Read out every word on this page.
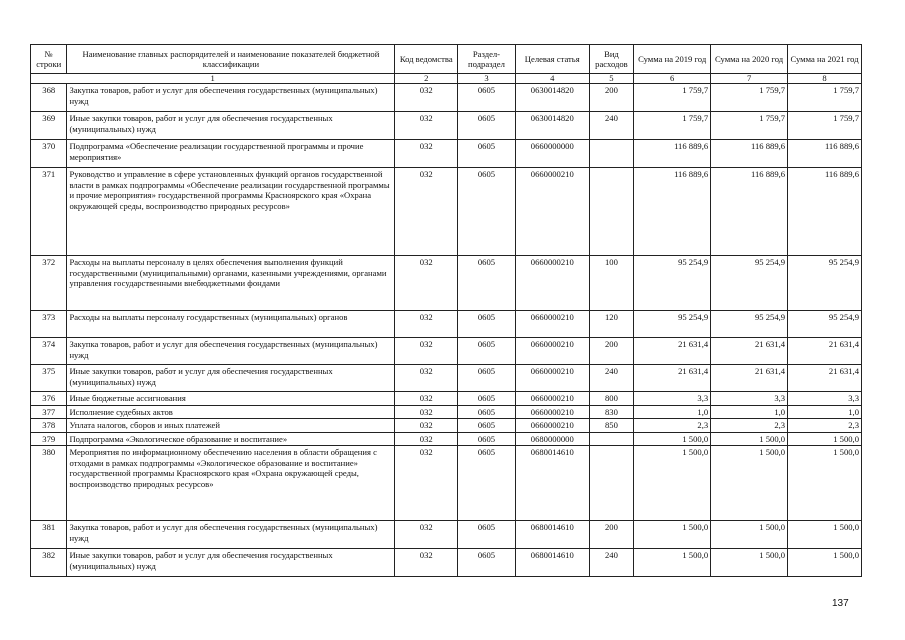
№ строки	Наименование главных распорядителей и наименование показателей бюджетной классификации	Код ведомства	Раздел-подраздел	Целевая статья	Вид расходов	Сумма на 2019 год	Сумма на 2020 год	Сумма на 2021 год
1		2	3	4	5	6	7	8
368	Закупка товаров, работ и услуг для обеспечения государственных (муниципальных) нужд	032	0605	0630014820	200	1 759,7	1 759,7	1 759,7
369	Иные закупки товаров, работ и услуг для обеспечения государственных (муниципальных) нужд	032	0605	0630014820	240	1 759,7	1 759,7	1 759,7
370	Подпрограмма «Обеспечение реализации государственной программы и прочие мероприятия»	032	0605	0660000000		116 889,6	116 889,6	116 889,6
371	Руководство и управление в сфере установленных функций органов государственной власти в рамках подпрограммы «Обеспечение реализации государственной программы и прочие мероприятия» государственной программы Красноярского края «Охрана окружающей среды, воспроизводство природных ресурсов»	032	0605	0660000210		116 889,6	116 889,6	116 889,6
372	Расходы на выплаты персоналу в целях обеспечения выполнения функций государственными (муниципальными) органами, казенными учреждениями, органами управления государственными внебюджетными фондами	032	0605	0660000210	100	95 254,9	95 254,9	95 254,9
373	Расходы на выплаты персоналу государственных (муниципальных) органов	032	0605	0660000210	120	95 254,9	95 254,9	95 254,9
374	Закупка товаров, работ и услуг для обеспечения государственных (муниципальных) нужд	032	0605	0660000210	200	21 631,4	21 631,4	21 631,4
375	Иные закупки товаров, работ и услуг для обеспечения государственных (муниципальных) нужд	032	0605	0660000210	240	21 631,4	21 631,4	21 631,4
376	Иные бюджетные ассигнования	032	0605	0660000210	800	3,3	3,3	3,3
377	Исполнение судебных актов	032	0605	0660000210	830	1,0	1,0	1,0
378	Уплата налогов, сборов и иных платежей	032	0605	0660000210	850	2,3	2,3	2,3
379	Подпрограмма «Экологическое образование и воспитание»	032	0605	0680000000		1 500,0	1 500,0	1 500,0
380	Мероприятия по информационному обеспечению населения в области обращения с отходами в рамках подпрограммы «Экологическое образование и воспитание» государственной программы Красноярского края «Охрана окружающей среды, воспроизводство природных ресурсов»	032	0605	0680014610		1 500,0	1 500,0	1 500,0
381	Закупка товаров, работ и услуг для обеспечения государственных (муниципальных) нужд	032	0605	0680014610	200	1 500,0	1 500,0	1 500,0
382	Иные закупки товаров, работ и услуг для обеспечения государственных (муниципальных) нужд	032	0605	0680014610	240	1 500,0	1 500,0	1 500,0
137
